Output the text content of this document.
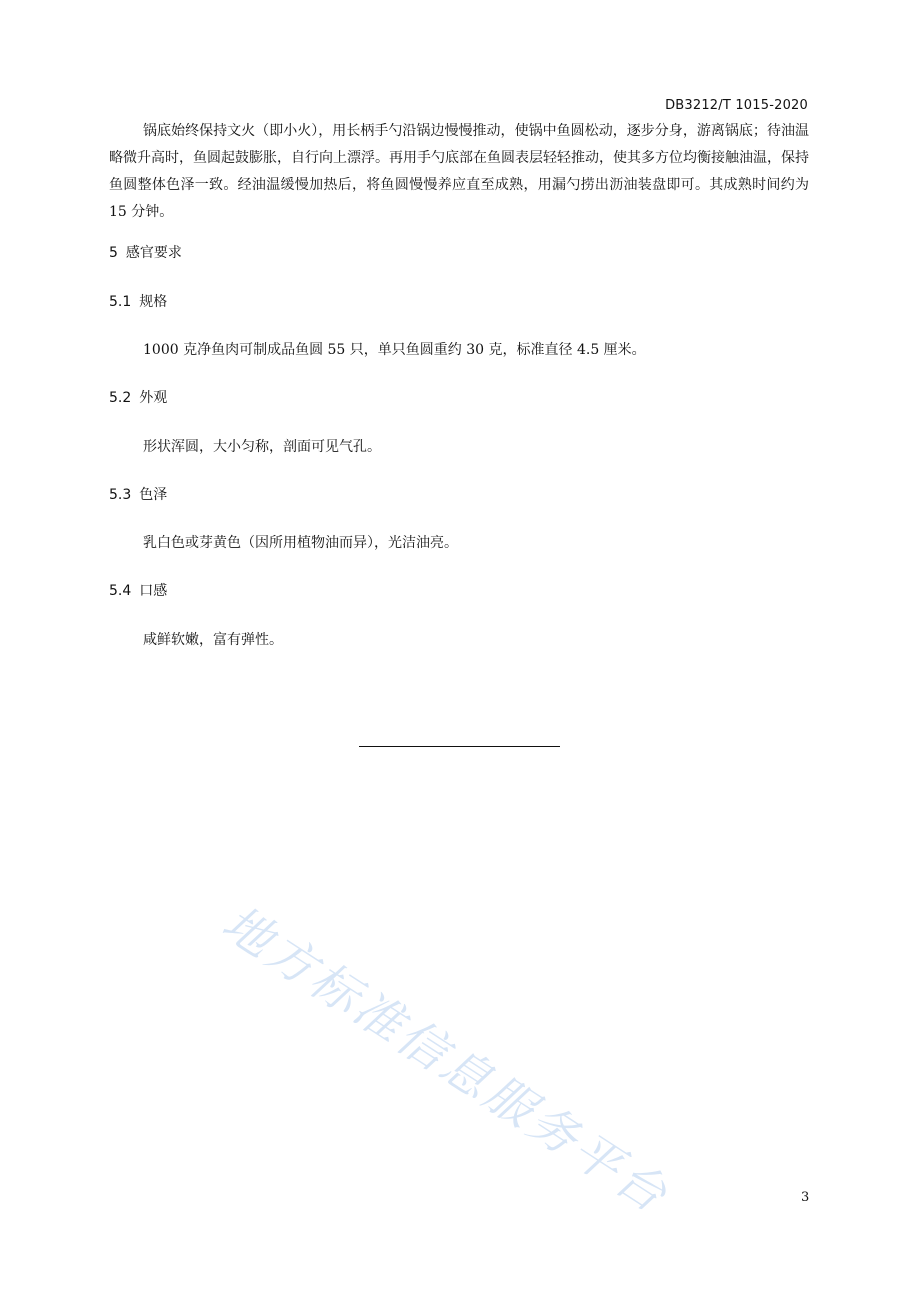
DB3212/T 1015-2020

锅底始终保持文火（即小火），用长柄手勺沿锅边慢慢推动，使锅中鱼圆松动，逐步分身，游离锅底；待油温略微升高时，鱼圆起鼓膨胀，自行向上漂浮。再用手勺底部在鱼圆表层轻轻推动，使其多方位均衡接触油温，保持鱼圆整体色泽一致。经油温缓慢加热后，将鱼圆慢慢养应直至成熟，用漏勺捞出沥油装盘即可。其成熟时间约为 15 分钟。

5 感官要求

5.1 规格

1000 克净鱼肉可制成品鱼圆 55 只，单只鱼圆重约 30 克，标准直径 4.5 厘米。

5.2 外观

形状浑圆，大小匀称，剖面可见气孔。

5.3 色泽

乳白色或芽黄色（因所用植物油而异），光洁油亮。

5.4 口感

咸鲜软嫩，富有弹性。

地方标准信息服务平台	3
